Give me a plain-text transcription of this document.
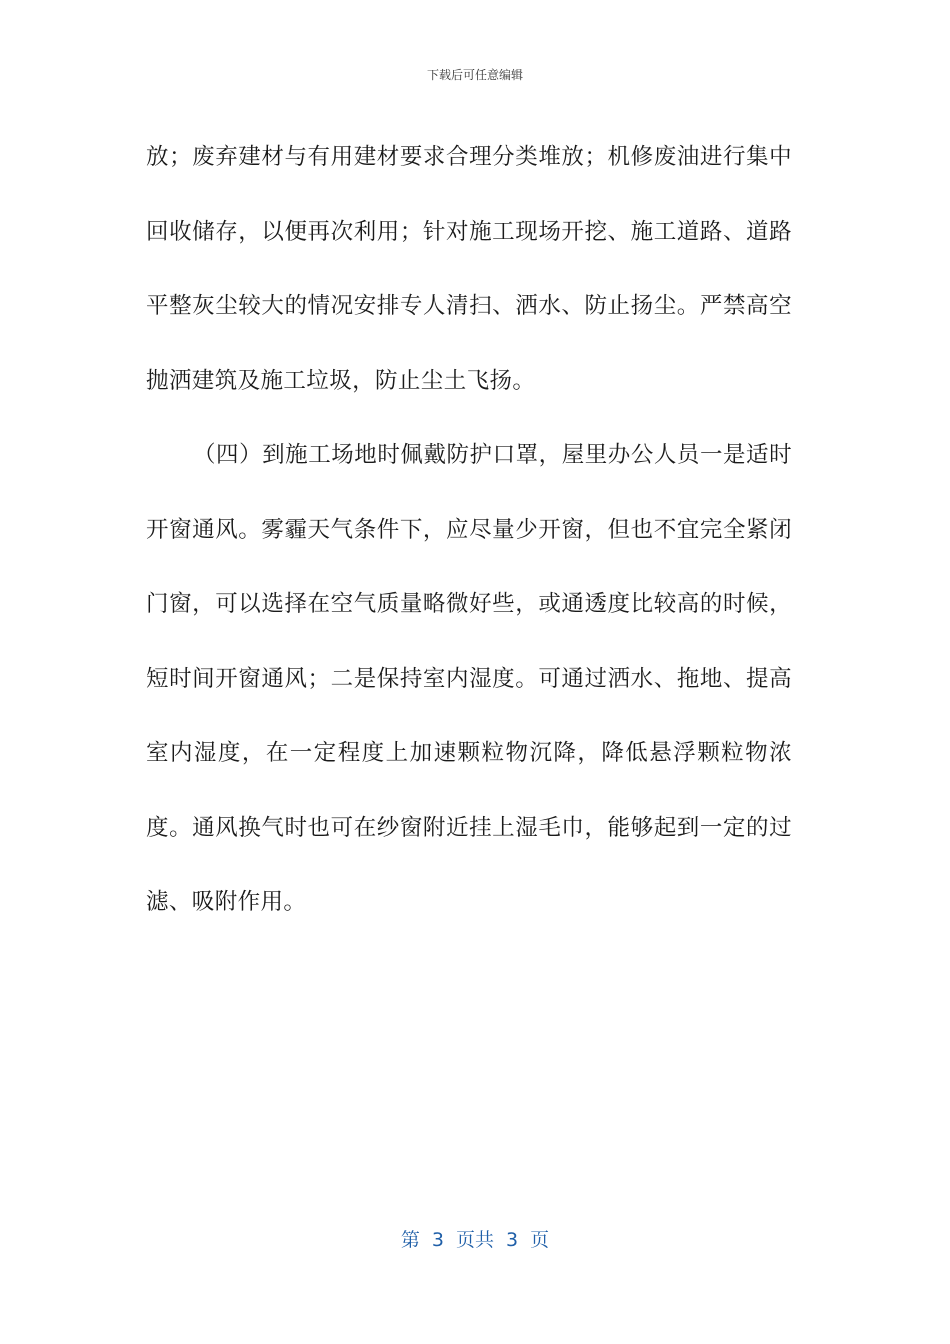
下载后可任意编辑

放；废弃建材与有用建材要求合理分类堆放；机修废油进行集中回收储存，以便再次利用；针对施工现场开挖、施工道路、道路平整灰尘较大的情况安排专人清扫、洒水、防止扬尘。严禁高空抛洒建筑及施工垃圾，防止尘土飞扬。

（四）到施工场地时佩戴防护口罩，屋里办公人员一是适时开窗通风。雾霾天气条件下，应尽量少开窗，但也不宜完全紧闭门窗，可以选择在空气质量略微好些，或通透度比较高的时候，短时间开窗通风；二是保持室内湿度。可通过洒水、拖地、提高室内湿度，在一定程度上加速颗粒物沉降，降低悬浮颗粒物浓度。通风换气时也可在纱窗附近挂上湿毛巾，能够起到一定的过滤、吸附作用。

第 3 页共 3 页
